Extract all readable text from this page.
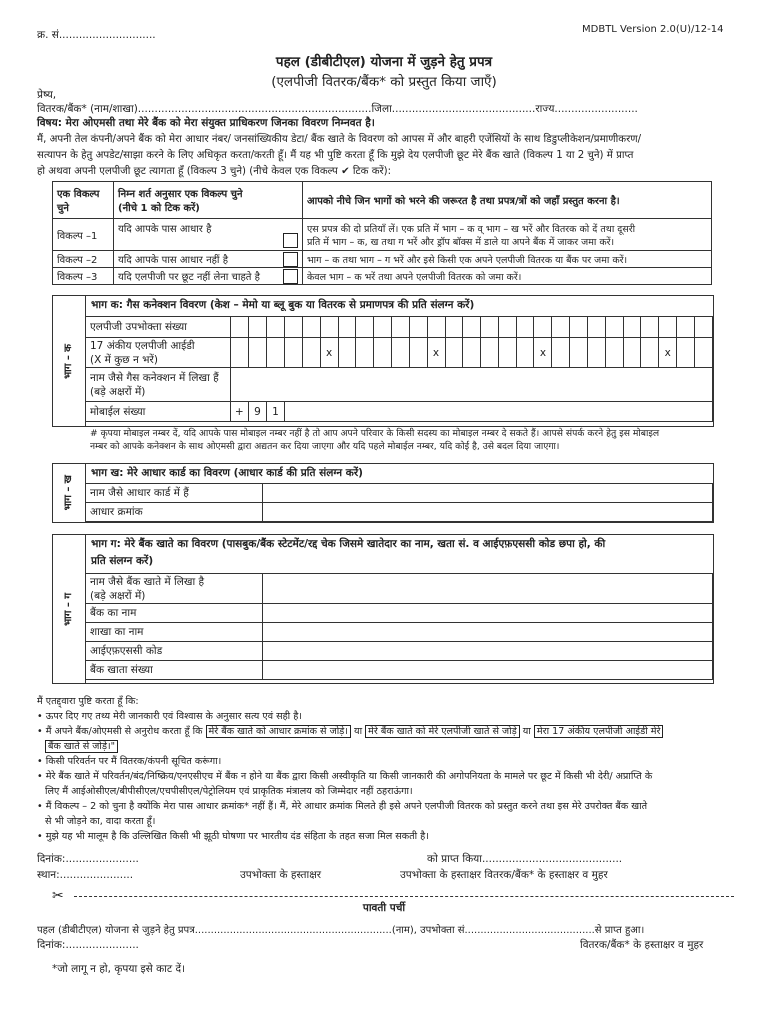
क्र. सं.............................	MDBTL Version 2.0(U)/12-14
पहल (डीबीटीएल) योजना में जुड़ने हेतु प्रपत्र
(एलपीजी वितरक/बैंक* को प्रस्तुत किया जाएँ)
प्रेष्य,
वितरक/बैंक* (नाम/शाखा)......................................................................जिला...........................................राज्य.........................
विषय: मेरा ओएमसी तथा मेरे बैंक को मेरा संयुक्त प्राधिकरण जिनका विवरण निम्नवत है।
मैं, अपनी तेल कंपनी/अपने बैंक को मेरा आधार नंबर/ जनसांख्यिकीय डेटा/ बैंक खाते के विवरण को आपस में और बाहरी एजेंसियों के साथ डिडुप्लीकेशन/प्रमाणीकरण/
सत्यापन के हेतु अपडेट/साझा करने के लिए अधिकृत करता/करती हूँ। मैं यह भी पुष्टि करता हूँ कि मुझे देय एलपीजी छूट मेरे बैंक खाते (विकल्प 1 या 2 चुने) में प्राप्त
हो अथवा अपनी एलपीजी छूट त्यागता हूँ (विकल्प 3 चुने) (नीचे केवल एक विकल्प ✔ टिक करें):
एक विकल्प
चुने	निम्न शर्त अनुसार एक विकल्प चुने
(नीचे 1 को टिक करें)	आपको नीचे जिन भागों को भरने की जरूरत है तथा प्रपत्र/त्रों को जहाँ प्रस्तुत करना है।
विकल्प –1	यदि आपके पास आधार है	एस प्रपत्र की दो प्रतियाँ लें। एक प्रति में भाग – क व् भाग – ख भरें और वितरक को दें तथा दूसरी
प्रति में भाग – क, ख तथा ग भरें और ड्रॉप बॉक्स में डाले या अपने बैंक में जाकर जमा करें।
विकल्प –2	यदि आपके पास आधार नहीं है	भाग – क तथा भाग – ग भरें और इसे किसी एक अपने एलपीजी वितरक या बैंक पर जमा करें।
विकल्प –3	यदि एलपीजी पर छूट नहीं लेना चाहते है	केवल भाग – क भरें तथा अपने एलपीजी वितरक को जमा करें।
भाग – क
भाग क: गैस कनेक्शन विवरण (केश – मेमो या ब्लू बुक या वितरक से प्रमाणपत्र की प्रति संलग्न करें)
एलपीजी उपभोक्ता संख्या																											
17 अंकीय एलपीजी आईडी
(X में कुछ न भरें)						x						x						x							x		
नाम जैसे गैस कनेक्शन में लिखा हैं
(बड़े अक्षरों में)																											
मोबाईल संख्या	+	9	1																								
# कृपया मोबाइल नम्बर दें, यदि आपके पास मोबाइल नम्बर नहीं है तो आप अपने परिवार के किसी सदस्य का मोबाइल नम्बर दे सकते हैं। आपसे संपर्क करने हेतु इस मोबाइल
नम्बर को आपके कनेक्शन के साथ ओएमसी द्वारा अद्यतन कर दिया जाएगा और यदि पहले मोबाईल नम्बर, यदि कोई है, उसे बदल दिया जाएगा।
भाग – ख
भाग ख: मेरे आधार कार्ड का विवरण (आधार कार्ड की प्रति संलग्न करें)
नाम जैसे आधार कार्ड में हैं	
आधार क्रमांक	
भाग – ग
भाग ग: मेरे बैंक खाते का विवरण (पासबुक/बैंक स्टेटमेंट/रद्द चेक जिसमे खातेदार का नाम, खता सं. व आईएफ़एससी कोड छपा हो, की
प्रति संलग्न करें)
नाम जैसे बैंक खाते में लिखा है
(बड़े अक्षरों में)	
बैंक का नाम	
शाखा का नाम	
आईएफ़एससी कोड	
बैंक खाता संख्या	
मैं एतद्द्वारा पुष्टि करता हूँ कि:
• ऊपर दिए गए तथ्य मेरी जानकारी एवं विश्वास के अनुसार सत्य एवं सही है।
• मैं अपने बैंक/ओएमसी से अनुरोध करता हूँ कि मेरे बैंक खाते को आधार क्रमांक से जोड़े। या मेरे बैंक खाते को मेरे एलपीजी खाते से जोड़े या मेरा 17 अंकीय एलपीजी आईडी मेरे
बैंक खाते से जोड़े।"
• किसी परिवर्तन पर मैं वितरक/कंपनी सूचित करूंगा।
• मेरे बैंक खाते में परिवर्तन/बंद/निष्क्रिय/एनएसीएच में बैंक न होने या बैंक द्वारा किसी अस्वीकृति या किसी जानकारी की अगोपनियता के मामले पर छूट में किसी भी देरी/ अप्राप्ति के
लिए मैं आईओसीएल/बीपीसीएल/एचपीसीएल/पेट्रोलियम एवं प्राकृतिक मंत्रालय को जिम्मेदार नहीं ठहराऊंगा।
• मैं विकल्प – 2 को चुना है क्योंकि मेरा पास आधार क्रमांक* नहीं हैं। मैं, मेरे आधार क्रमांक मिलते ही इसे अपने एलपीजी वितरक को प्रस्तुत करने तथा इस मेरे उपरोक्त बैंक खाते
से भी जोड़ने का, वादा करता हूँ।
• मुझे यह भी मालूम है कि उल्लिखित किसी भी झूठी घोषणा पर भारतीय दंड संहिता के तहत सजा मिल सकती है।
दिनांक:......................	को प्राप्त किया..........................................
स्थान:......................	उपभोक्ता के हस्ताक्षर	उपभोक्ता के हस्ताक्षर वितरक/बैंक* के हस्ताक्षर व मुहर
✂
पावती पर्ची
पहल (डीबीटीएल) योजना से जुड़ने हेतु प्रपत्र..............................................................(नाम), उपभोक्ता सं.........................................से प्राप्त हुआ।
दिनांक:......................	वितरक/बैंक* के हस्ताक्षर व मुहर
*जो लागू न हो, कृपया इसे काट दें।
